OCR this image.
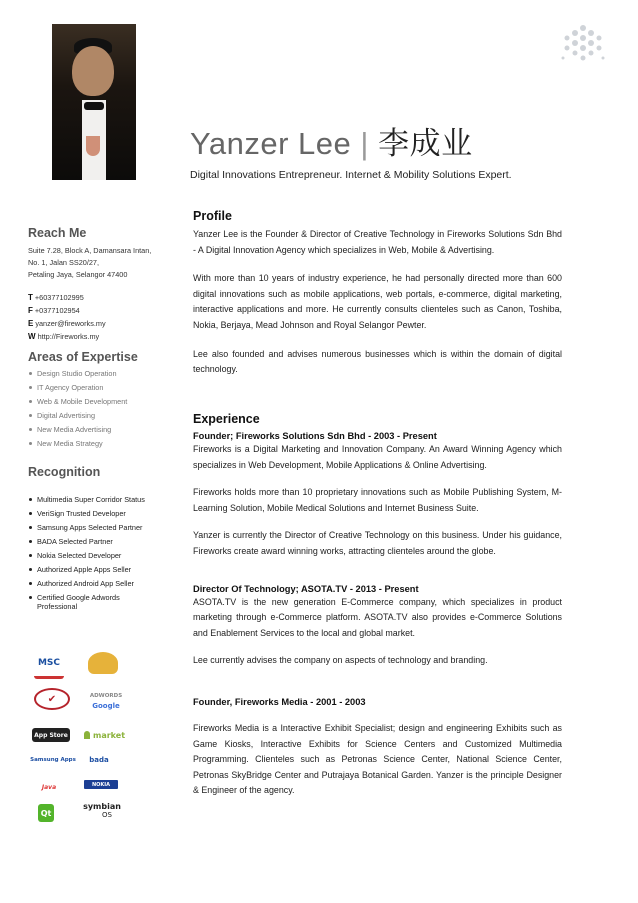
Yanzer Lee | 李成业
Digital Innovations Entrepreneur. Internet & Mobility Solutions Expert.
Reach Me
Suite 7.28, Block A, Damansara Intan,
No. 1, Jalan SS20/27,
Petaling Jaya, Selangor 47400
T +60377102995
F +0377102954
E yanzer@fireworks.my
W http://Fireworks.my
Areas of Expertise
Design Studio Operation
IT Agency Operation
Web & Mobile Development
Digital Advertising
New Media Advertising
New Media Strategy
Recognition
Multimedia Super Corridor Status
VeriSign Trusted Developer
Samsung Apps Selected Partner
BADA Selected Partner
Nokia Selected Developer
Authorized Apple Apps Seller
Authorized Android App Seller
Certified Google Adwords Professional
MSC
✔	ADWORDS
Google
App Store	market
Samsung Apps	bada
NOKIA
Java
symbian
OS
Qt
Profile

Yanzer Lee is the Founder & Director of Creative Technology in Fireworks Solutions Sdn Bhd - A Digital Innovation Agency which specializes in Web, Mobile & Advertising.

With more than 10 years of industry experience, he had personally directed more than 600 digital innovations such as mobile applications, web portals, e-commerce, digital marketing, interactive applications and more. He currently consults clienteles such as Canon, Toshiba, Nokia, Berjaya, Mead Johnson and Royal Selangor Pewter.

Lee also founded and advises numerous businesses which is within the domain of digital technology.

Experience
Founder; Fireworks Solutions Sdn Bhd - 2003 - Present

Fireworks is a Digital Marketing and Innovation Company. An Award Winning Agency which specializes in Web Development, Mobile Applications & Online Advertising.

Fireworks holds more than 10 proprietary innovations such as Mobile Publishing System, M-Learning Solution, Mobile Medical Solutions and Internet Business Suite.

Yanzer is currently the Director of Creative Technology on this business. Under his guidance, Fireworks create award winning works, attracting clienteles around the globe.

Director Of Technology; ASOTA.TV - 2013 - Present

ASOTA.TV is the new generation E-Commerce company, which specializes in product marketing through e-Commerce platform. ASOTA.TV also provides e-Commerce Solutions and Enablement Services to the local and global market.

Lee currently advises the company on aspects of technology and branding.

Founder, Fireworks Media - 2001 - 2003

Fireworks Media is a Interactive Exhibit Specialist; design and engineering Exhibits such as Game Kiosks, Interactive Exhibits for Science Centers and Customized Multimedia Programming. Clienteles such as Petronas Science Center, National Science Center, Petronas SkyBridge Center and Putrajaya Botanical Garden. Yanzer is the principle Designer & Engineer of the agency.
